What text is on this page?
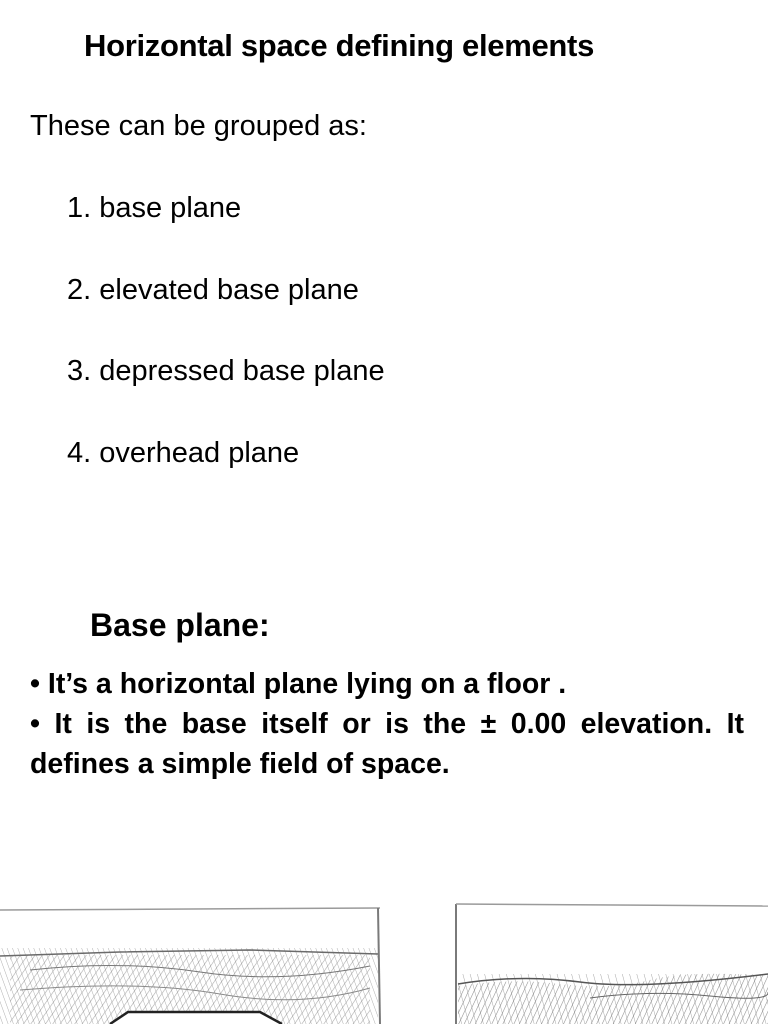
Horizontal space defining elements
These can be grouped as:
1. base plane
2. elevated base plane
3. depressed base plane
4. overhead plane
Base plane:
• It’s a horizontal plane lying on a floor .
• It is the base itself or is the ± 0.00 elevation. It defines a simple field of space.
